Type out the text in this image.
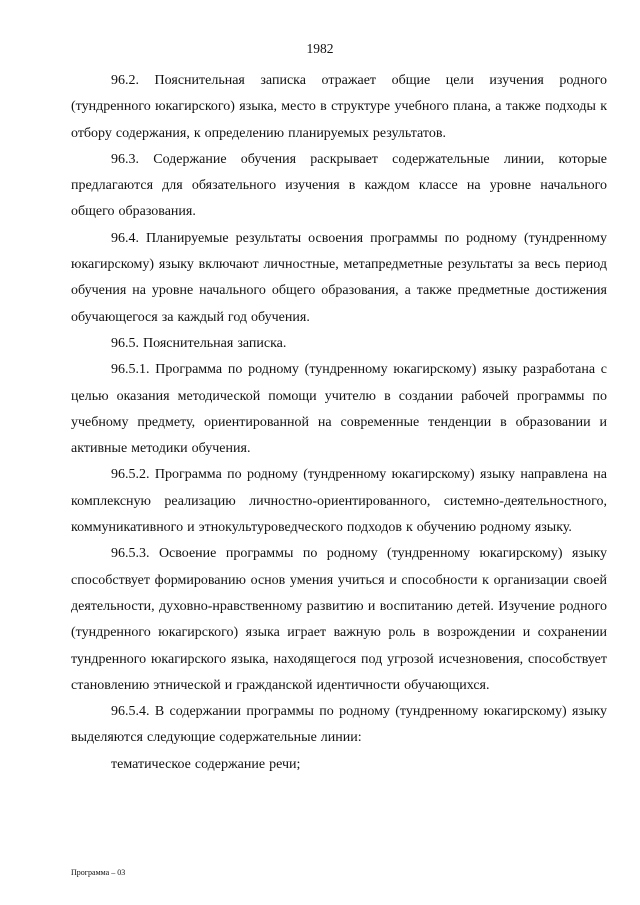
1982

96.2. Пояснительная записка отражает общие цели изучения родного (тундренного юкагирского) языка, место в структуре учебного плана, а также подходы к отбору содержания, к определению планируемых результатов.

96.3. Содержание обучения раскрывает содержательные линии, которые предлагаются для обязательного изучения в каждом классе на уровне начального общего образования.

96.4. Планируемые результаты освоения программы по родному (тундренному юкагирскому) языку включают личностные, метапредметные результаты за весь период обучения на уровне начального общего образования, а также предметные достижения обучающегося за каждый год обучения.

96.5. Пояснительная записка.

96.5.1. Программа по родному (тундренному юкагирскому) языку разработана с целью оказания методической помощи учителю в создании рабочей программы по учебному предмету, ориентированной на современные тенденции в образовании и активные методики обучения.

96.5.2. Программа по родному (тундренному юкагирскому) языку направлена на комплексную реализацию личностно-ориентированного, системно-деятельностного, коммуникативного и этнокультуроведческого подходов к обучению родному языку.

96.5.3. Освоение программы по родному (тундренному юкагирскому) языку способствует формированию основ умения учиться и способности к организации своей деятельности, духовно-нравственному развитию и воспитанию детей. Изучение родного (тундренного юкагирского) языка играет важную роль в возрождении и сохранении тундренного юкагирского языка, находящегося под угрозой исчезновения, способствует становлению этнической и гражданской идентичности обучающихся.

96.5.4. В содержании программы по родному (тундренному юкагирскому) языку выделяются следующие содержательные линии:

тематическое содержание речи;

Программа – 03
